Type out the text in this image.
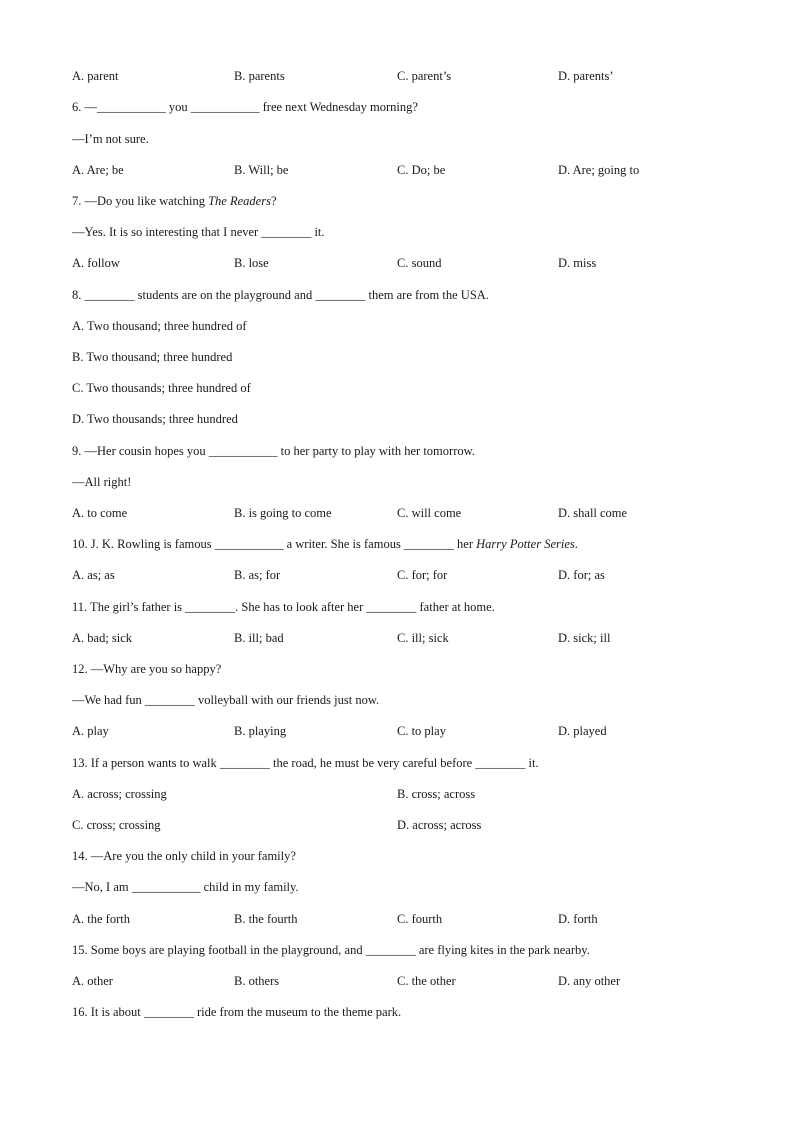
A. parent	B. parents	C. parent’s	D. parents’
6. —___________ you ___________ free next Wednesday morning?
—I’m not sure.
A. Are; be	B. Will; be	C. Do; be	D. Are; going to
7. —Do you like watching The Readers?
—Yes. It is so interesting that I never ________ it.
A. follow	B. lose	C. sound	D. miss
8. ________ students are on the playground and ________ them are from the USA.
A. Two thousand; three hundred of
B. Two thousand; three hundred
C. Two thousands; three hundred of
D. Two thousands; three hundred
9. —Her cousin hopes you ___________ to her party to play with her tomorrow.
—All right!
A. to come	B. is going to come	C. will come	D. shall come
10. J. K. Rowling is famous ___________ a writer. She is famous ________ her Harry Potter Series.
A. as; as	B. as; for	C. for; for	D. for; as
11. The girl’s father is ________. She has to look after her ________ father at home.
A. bad; sick	B. ill; bad	C. ill; sick	D. sick; ill
12. —Why are you so happy?
—We had fun ________ volleyball with our friends just now.
A. play	B. playing	C. to play	D. played
13. If a person wants to walk ________ the road, he must be very careful before ________ it.
A. across; crossing	B. cross; across
C. cross; crossing	D. across; across
14. —Are you the only child in your family?
—No, I am ___________ child in my family.
A. the forth	B. the fourth	C. fourth	D. forth
15. Some boys are playing football in the playground, and ________ are flying kites in the park nearby.
A. other	B. others	C. the other	D. any other
16. It is about ________ ride from the museum to the theme park.
